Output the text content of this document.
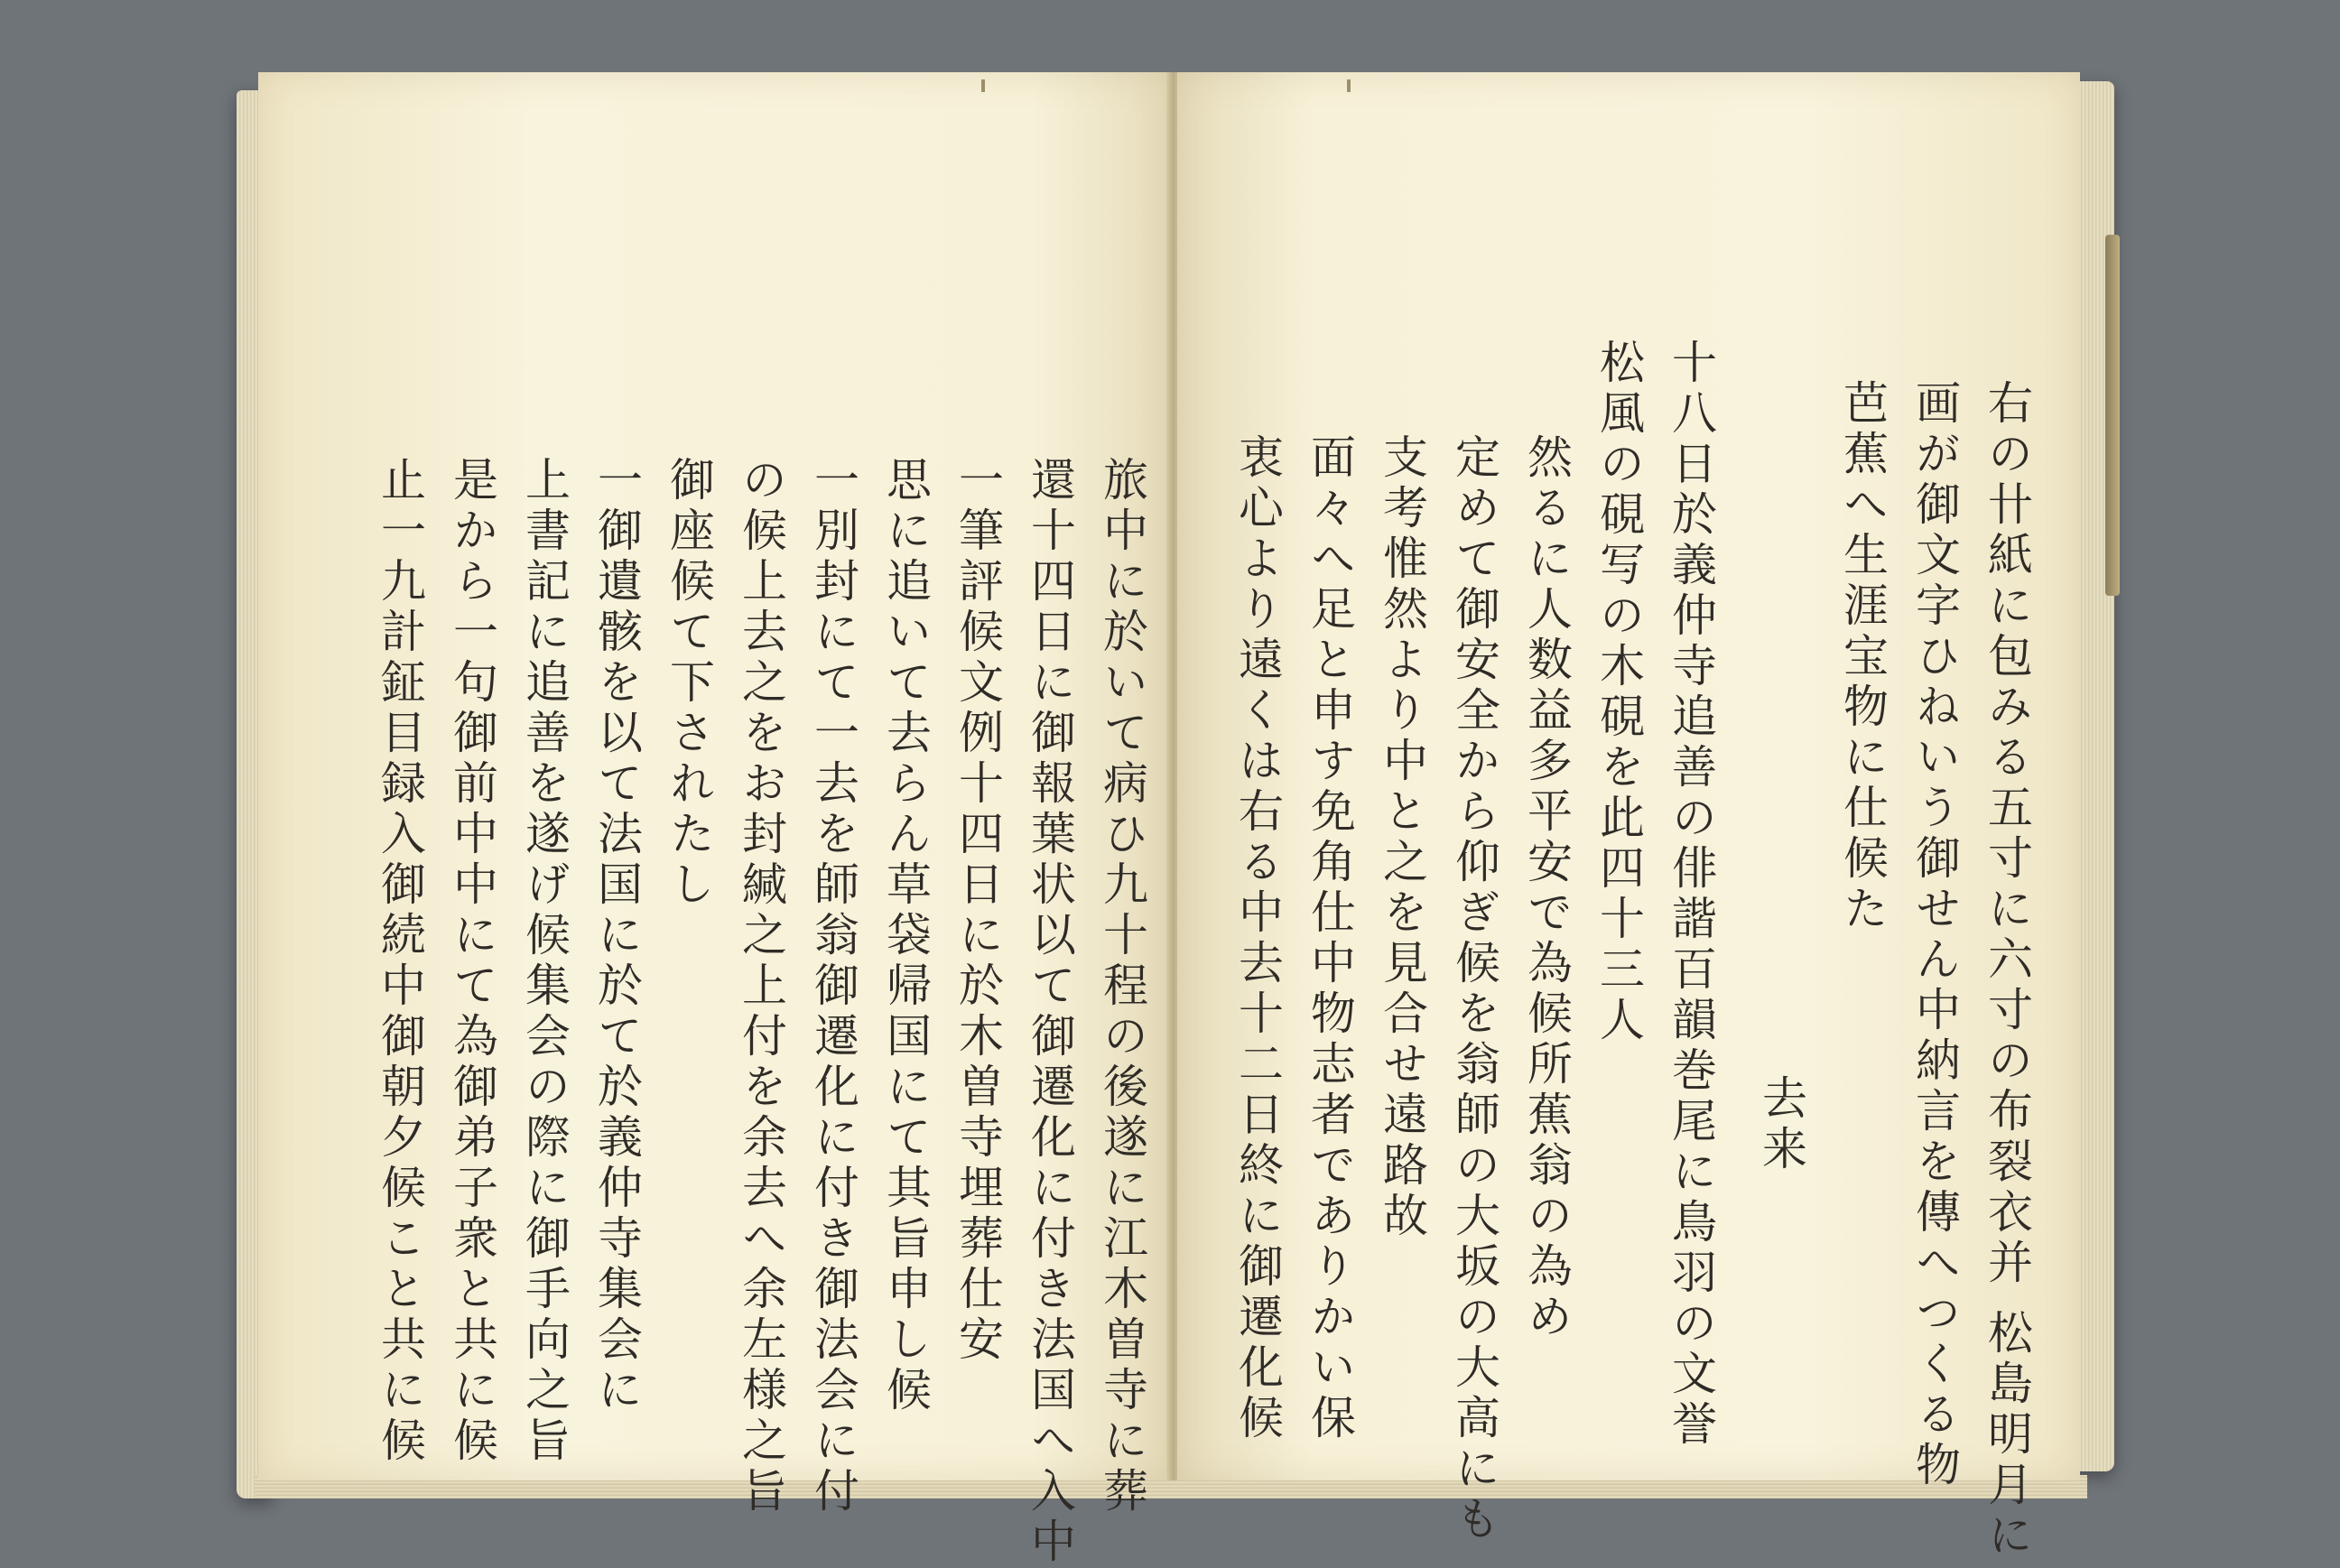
旅中に於いて病ひ九十程の後遂に江木曽寺に葬
還十四日に御報葉状以て御遷化に付き法国へ入中
一筆評候文例十四日に於木曽寺埋葬仕安
思に追いて去らん草袋帰国にて其旨申し候
一別封にて一去を師翁御遷化に付き御法会に付
の候上去之をお封緘之上付を余去へ余左様之旨
御座候て下されたし
一御遺骸を以て法国に於て於義仲寺集会に
上書記に追善を遂げ候集会の際に御手向之旨
是から一句御前中中にて為御弟子衆と共に候
止一九計鉦目録入御続中御朝夕候こと共に候	右の卄紙に包みる五寸に六寸の布裂衣并 松島明月に
画が御文字ひねいう御せん中納言を傳へつくる物
芭蕉へ生涯宝物に仕候た
去来
十八日於義仲寺追善の俳諧百韻巻尾に鳥羽の文誉
松風の硯写の木硯を此四十三人
然るに人数益多平安で為候所蕉翁の為め
定めて御安全から仰ぎ候を翁師の大坂の大高にも
支考惟然より中と之を見合せ遠路故
面々へ足と申す免角仕中物志者でありかい保
衷心より遠くは右る中去十二日終に御遷化候
